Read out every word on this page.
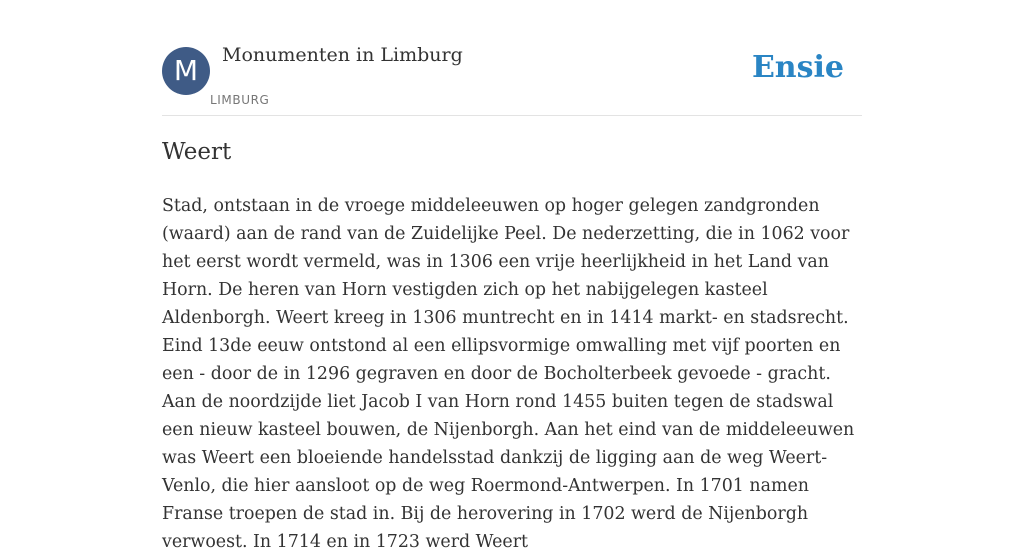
M	Monumenten in Limburg
LIMBURG
Ensie
Weert

Stad, ontstaan in de vroege middeleeuwen op hoger gelegen zandgronden (waard) aan de rand van de Zuidelijke Peel. De nederzetting, die in 1062 voor het eerst wordt vermeld, was in 1306 een vrije heerlijkheid in het Land van Horn. De heren van Horn vestigden zich op het nabijgelegen kasteel Aldenborgh. Weert kreeg in 1306 muntrecht en in 1414 markt- en stadsrecht. Eind 13de eeuw ontstond al een ellipsvormige omwalling met vijf poorten en een - door de in 1296 gegraven en door de Bocholterbeek gevoede - gracht. Aan de noordzijde liet Jacob I van Horn rond 1455 buiten tegen de stadswal een nieuw kasteel bouwen, de Nijenborgh. Aan het eind van de middeleeuwen was Weert een bloeiende handelsstad dankzij de ligging aan de weg Weert-Venlo, die hier aansloot op de weg Roermond-Antwerpen. In 1701 namen Franse troepen de stad in. Bij de herovering in 1702 werd de Nijenborgh verwoest. In 1714 en in 1723 werd Weert
